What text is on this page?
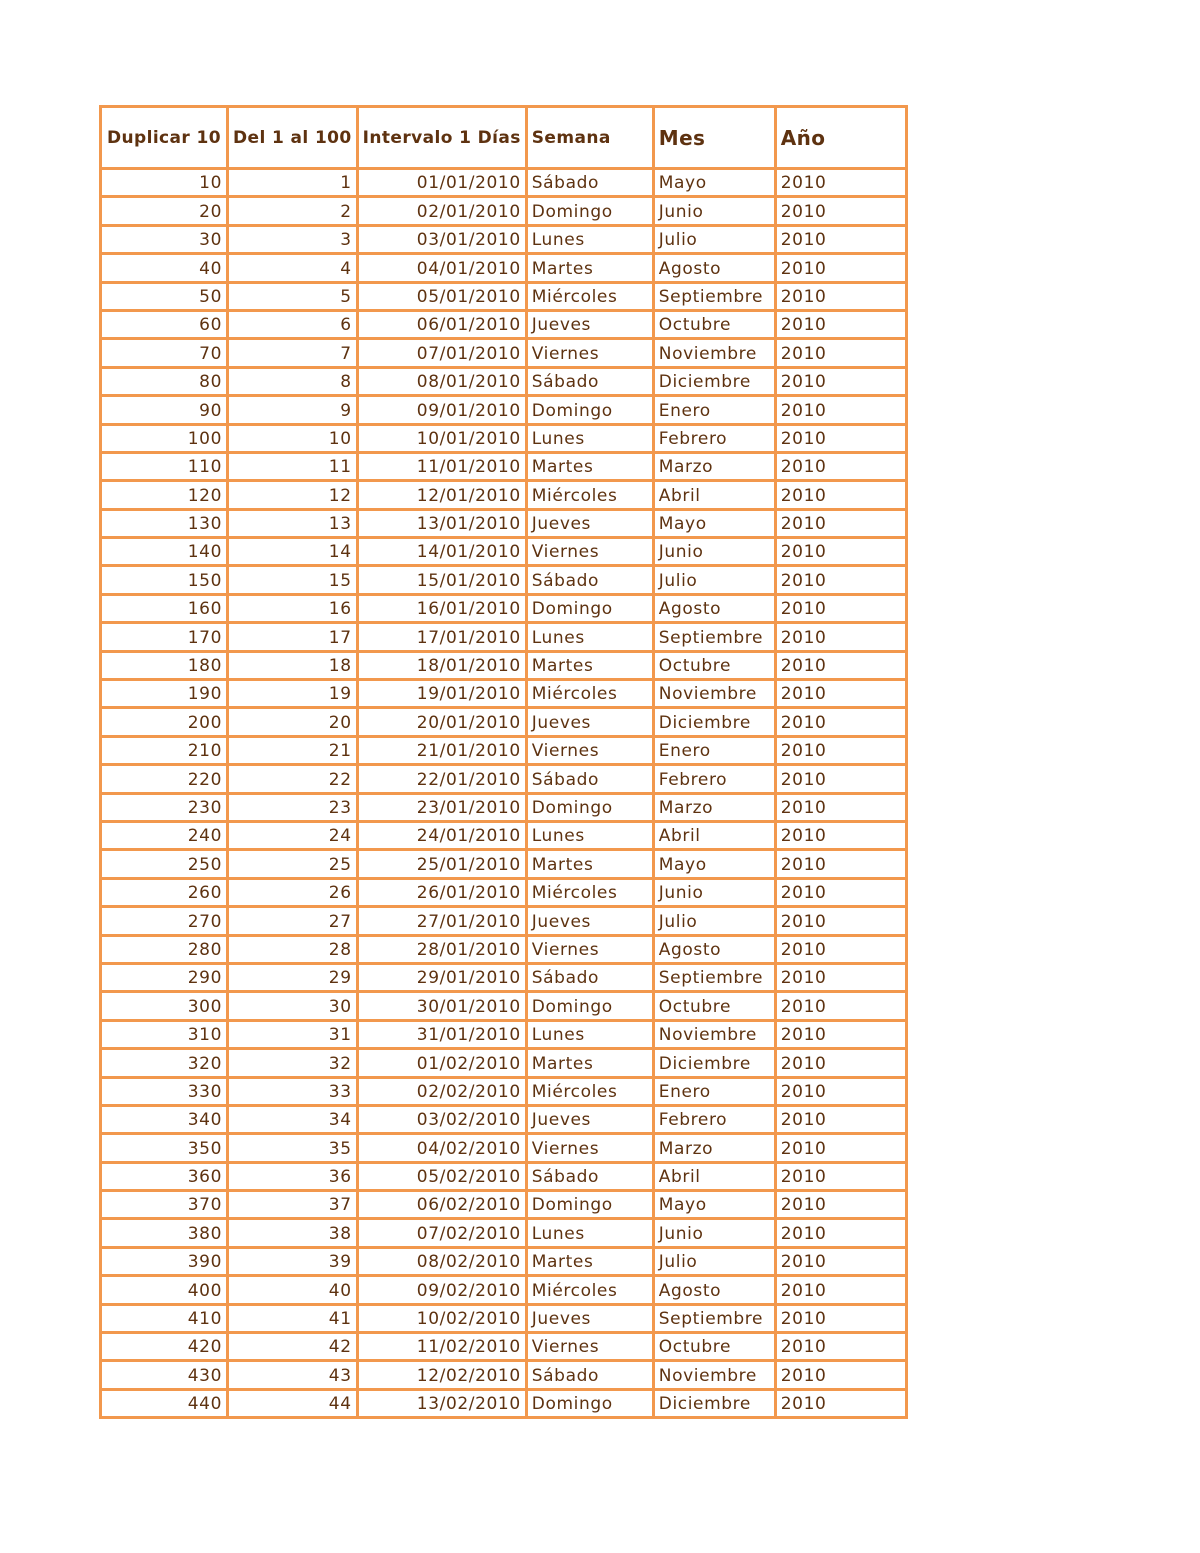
Duplicar 10	Del 1 al 100	Intervalo 1 Días	Semana	Mes	Año
10	1	01/01/2010	Sábado	Mayo	2010
20	2	02/01/2010	Domingo	Junio	2010
30	3	03/01/2010	Lunes	Julio	2010
40	4	04/01/2010	Martes	Agosto	2010
50	5	05/01/2010	Miércoles	Septiembre	2010
60	6	06/01/2010	Jueves	Octubre	2010
70	7	07/01/2010	Viernes	Noviembre	2010
80	8	08/01/2010	Sábado	Diciembre	2010
90	9	09/01/2010	Domingo	Enero	2010
100	10	10/01/2010	Lunes	Febrero	2010
110	11	11/01/2010	Martes	Marzo	2010
120	12	12/01/2010	Miércoles	Abril	2010
130	13	13/01/2010	Jueves	Mayo	2010
140	14	14/01/2010	Viernes	Junio	2010
150	15	15/01/2010	Sábado	Julio	2010
160	16	16/01/2010	Domingo	Agosto	2010
170	17	17/01/2010	Lunes	Septiembre	2010
180	18	18/01/2010	Martes	Octubre	2010
190	19	19/01/2010	Miércoles	Noviembre	2010
200	20	20/01/2010	Jueves	Diciembre	2010
210	21	21/01/2010	Viernes	Enero	2010
220	22	22/01/2010	Sábado	Febrero	2010
230	23	23/01/2010	Domingo	Marzo	2010
240	24	24/01/2010	Lunes	Abril	2010
250	25	25/01/2010	Martes	Mayo	2010
260	26	26/01/2010	Miércoles	Junio	2010
270	27	27/01/2010	Jueves	Julio	2010
280	28	28/01/2010	Viernes	Agosto	2010
290	29	29/01/2010	Sábado	Septiembre	2010
300	30	30/01/2010	Domingo	Octubre	2010
310	31	31/01/2010	Lunes	Noviembre	2010
320	32	01/02/2010	Martes	Diciembre	2010
330	33	02/02/2010	Miércoles	Enero	2010
340	34	03/02/2010	Jueves	Febrero	2010
350	35	04/02/2010	Viernes	Marzo	2010
360	36	05/02/2010	Sábado	Abril	2010
370	37	06/02/2010	Domingo	Mayo	2010
380	38	07/02/2010	Lunes	Junio	2010
390	39	08/02/2010	Martes	Julio	2010
400	40	09/02/2010	Miércoles	Agosto	2010
410	41	10/02/2010	Jueves	Septiembre	2010
420	42	11/02/2010	Viernes	Octubre	2010
430	43	12/02/2010	Sábado	Noviembre	2010
440	44	13/02/2010	Domingo	Diciembre	2010
